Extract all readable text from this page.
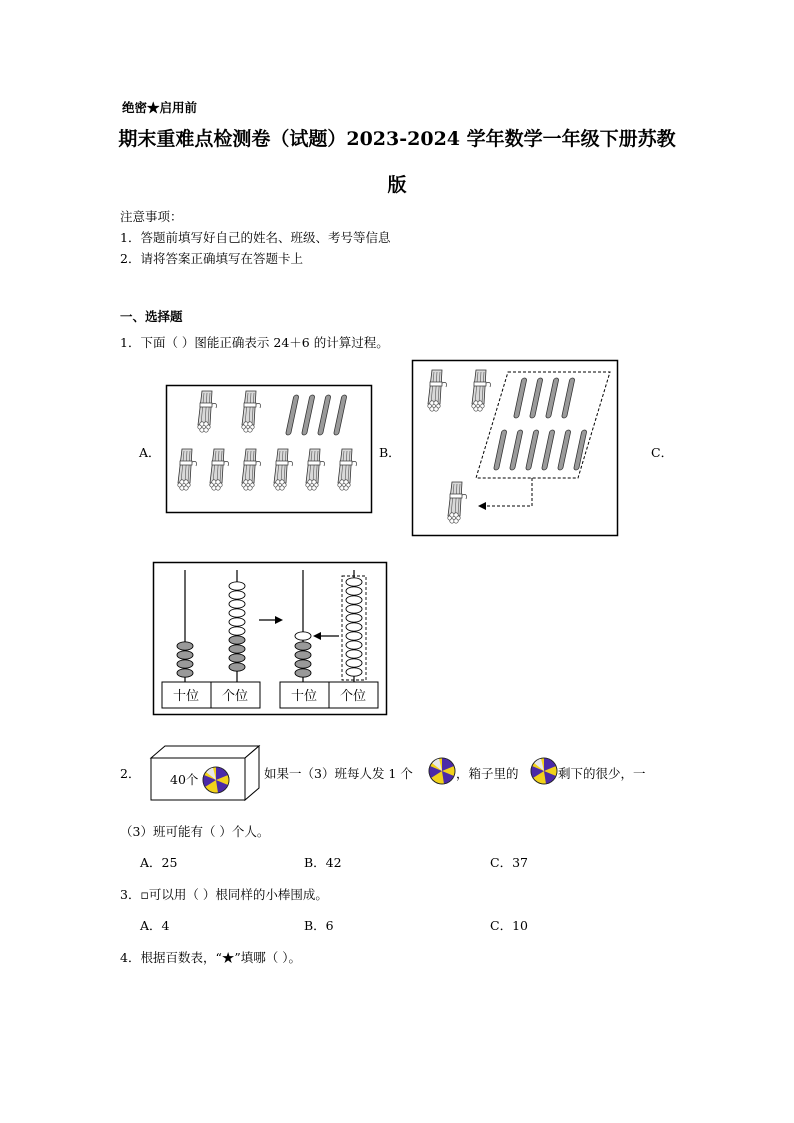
绝密★启用前
期末重难点检测卷（试题）2023-2024 学年数学一年级下册苏教
版
注意事项：
1．答题前填写好自己的姓名、班级、考号等信息
2．请将答案正确填写在答题卡上
一、选择题
1．下面（ ）图能正确表示 24＋6 的计算过程。
A．	B．	C．
十位 个位	十位 个位
2． 40个	如果一（3）班每人发 1 个	，箱子里的	剩下的很少，一
（3）班可能有（ ）个人。
A．25	B．42	C．37
3．▫可以用（ ）根同样的小棒围成。
A．4	B．6	C．10
4．根据百数表，“★”填哪（ ）。
